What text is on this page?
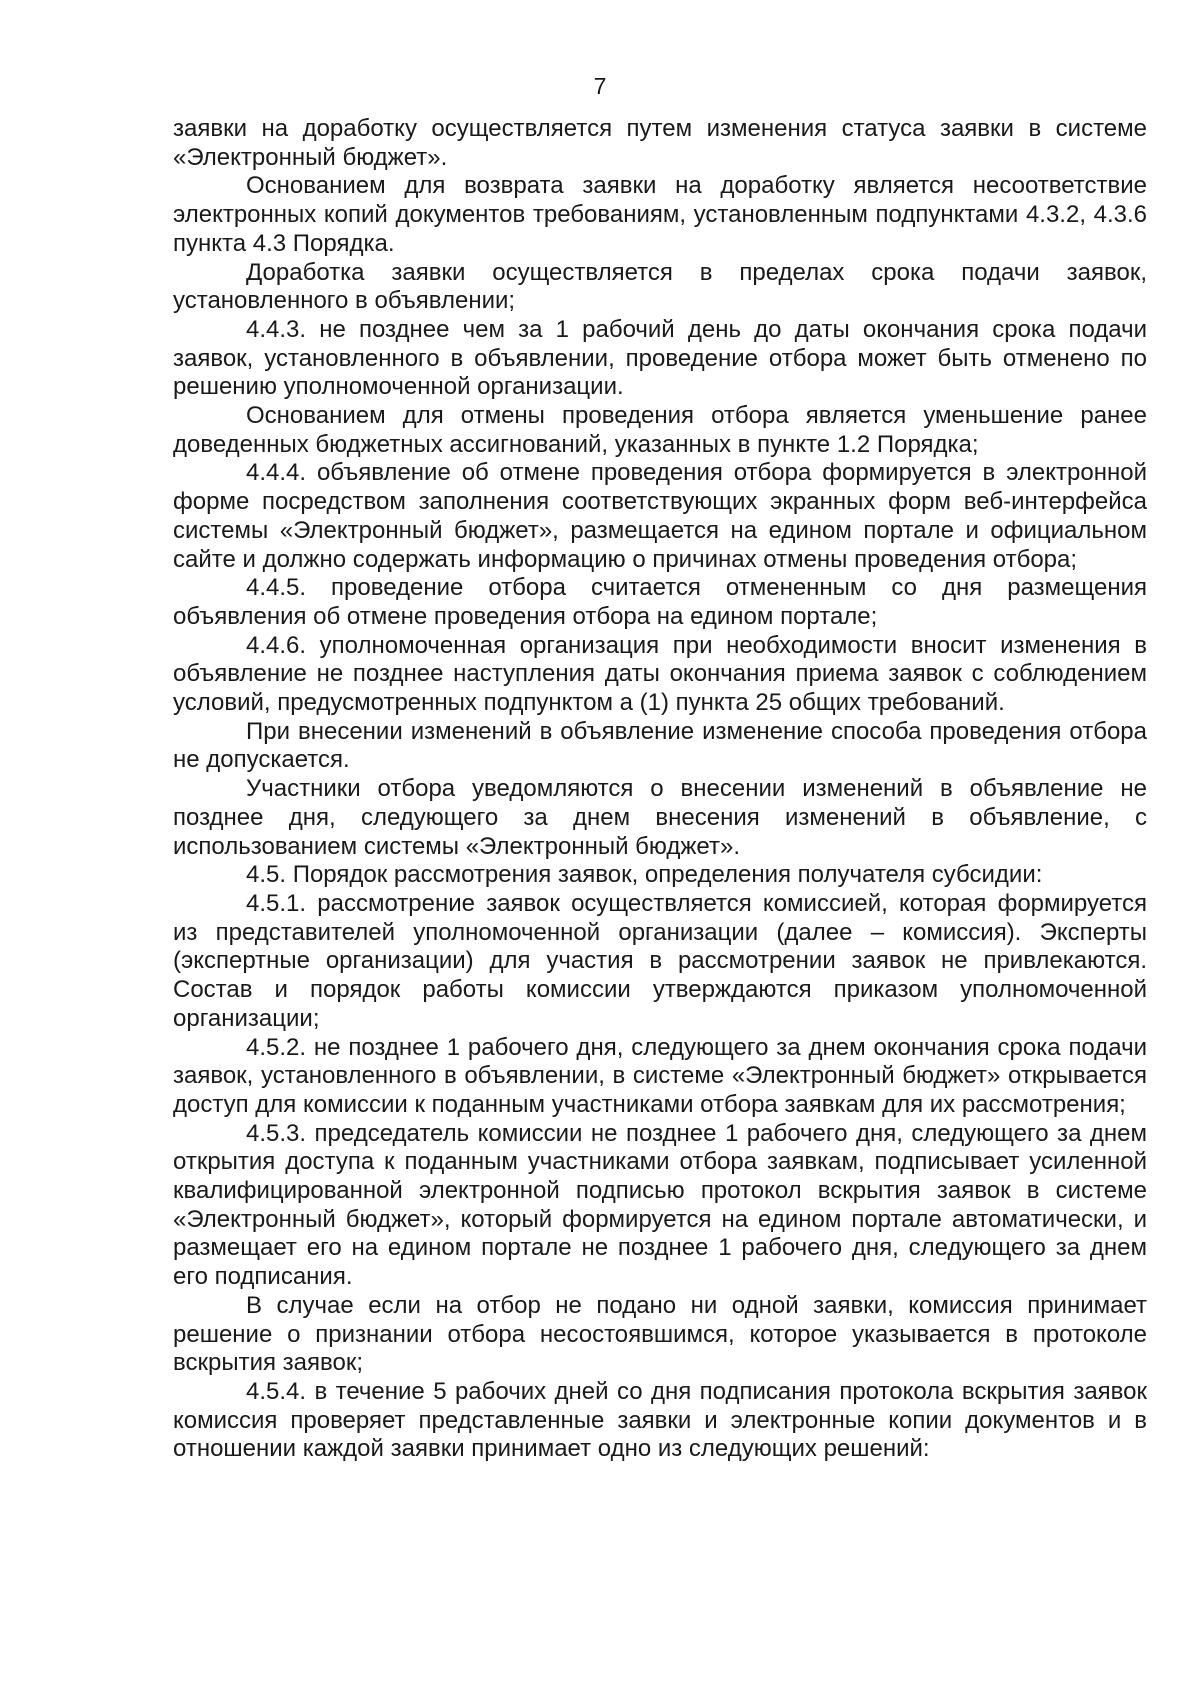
7

заявки на доработку осуществляется путем изменения статуса заявки в системе «Электронный бюджет».

Основанием для возврата заявки на доработку является несоответствие электронных копий документов требованиям, установленным подпунктами 4.3.2, 4.3.6 пункта 4.3 Порядка.

Доработка заявки осуществляется в пределах срока подачи заявок, установленного в объявлении;

4.4.3. не позднее чем за 1 рабочий день до даты окончания срока подачи заявок, установленного в объявлении, проведение отбора может быть отменено по решению уполномоченной организации.

Основанием для отмены проведения отбора является уменьшение ранее доведенных бюджетных ассигнований, указанных в пункте 1.2 Порядка;

4.4.4. объявление об отмене проведения отбора формируется в электронной форме посредством заполнения соответствующих экранных форм веб-интерфейса системы «Электронный бюджет», размещается на едином портале и официальном сайте и должно содержать информацию о причинах отмены проведения отбора;

4.4.5. проведение отбора считается отмененным со дня размещения объявления об отмене проведения отбора на едином портале;

4.4.6. уполномоченная организация при необходимости вносит изменения в объявление не позднее наступления даты окончания приема заявок с соблюдением условий, предусмотренных подпунктом а (1) пункта 25 общих требований.

При внесении изменений в объявление изменение способа проведения отбора не допускается.

Участники отбора уведомляются о внесении изменений в объявление не позднее дня, следующего за днем внесения изменений в объявление, с использованием системы «Электронный бюджет».

4.5. Порядок рассмотрения заявок, определения получателя субсидии:

4.5.1. рассмотрение заявок осуществляется комиссией, которая формируется из представителей уполномоченной организации (далее – комиссия). Эксперты (экспертные организации) для участия в рассмотрении заявок не привлекаются. Состав и порядок работы комиссии утверждаются приказом уполномоченной организации;

4.5.2. не позднее 1 рабочего дня, следующего за днем окончания срока подачи заявок, установленного в объявлении, в системе «Электронный бюджет» открывается доступ для комиссии к поданным участниками отбора заявкам для их рассмотрения;

4.5.3. председатель комиссии не позднее 1 рабочего дня, следующего за днем открытия доступа к поданным участниками отбора заявкам, подписывает усиленной квалифицированной электронной подписью протокол вскрытия заявок в системе «Электронный бюджет», который формируется на едином портале автоматически, и размещает его на едином портале не позднее 1 рабочего дня, следующего за днем его подписания.

В случае если на отбор не подано ни одной заявки, комиссия принимает решение о признании отбора несостоявшимся, которое указывается в протоколе вскрытия заявок;

4.5.4. в течение 5 рабочих дней со дня подписания протокола вскрытия заявок комиссия проверяет представленные заявки и электронные копии документов и в отношении каждой заявки принимает одно из следующих решений:
